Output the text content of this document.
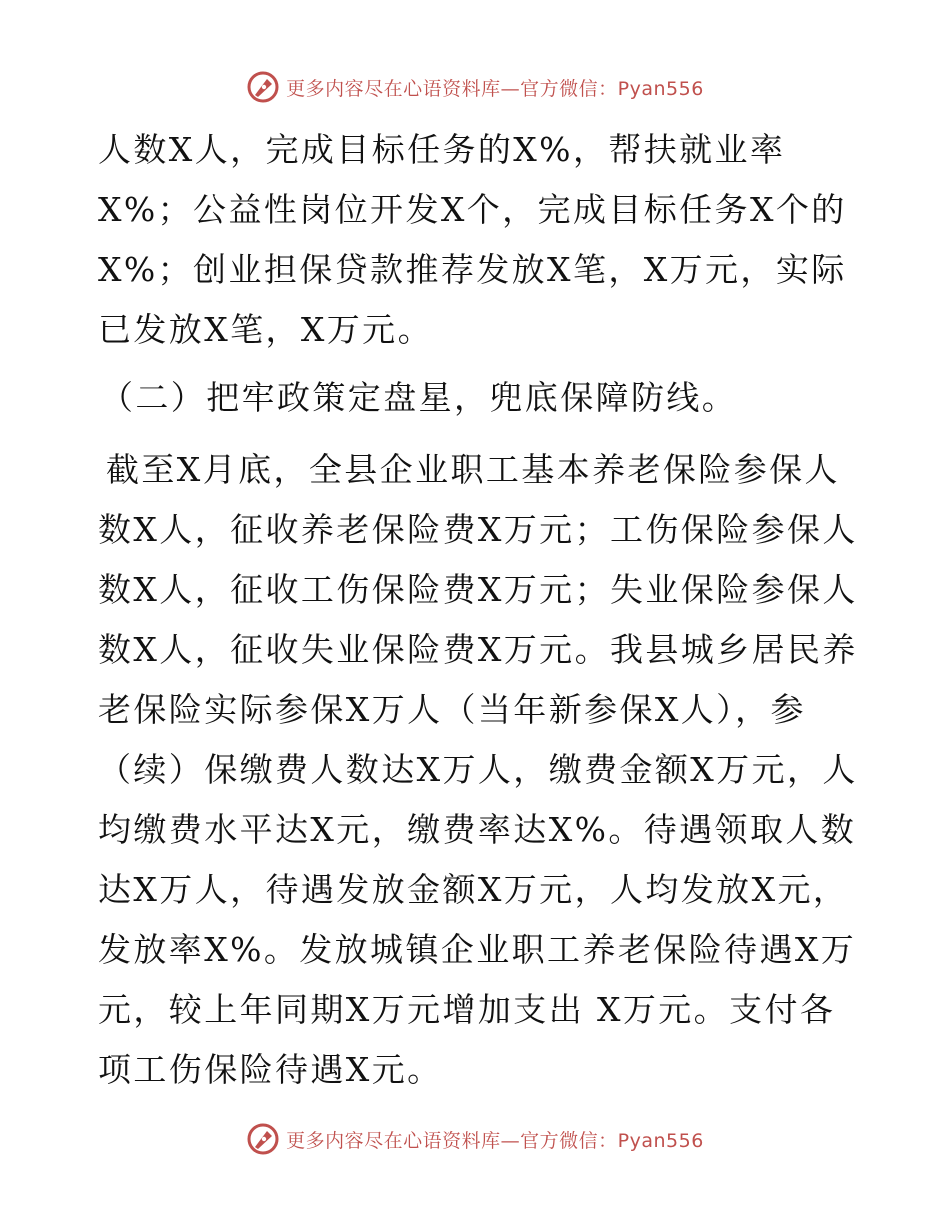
更多内容尽在心语资料库—官方微信：Pyan556

人数X人，完成目标任务的X%，帮扶就业率X%；公益性岗位开发X个，完成目标任务X个的X%；创业担保贷款推荐发放X笔，X万元，实际已发放X笔，X万元。

（二）把牢政策定盘星，兜底保障防线。

截至X月底，全县企业职工基本养老保险参保人数X人，征收养老保险费X万元；工伤保险参保人数X人，征收工伤保险费X万元；失业保险参保人数X人，征收失业保险费X万元。我县城乡居民养老保险实际参保X万人（当年新参保X人），参（续）保缴费人数达X万人，缴费金额X万元，人均缴费水平达X元，缴费率达X%。待遇领取人数达X万人，待遇发放金额X万元，人均发放X元，发放率X%。发放城镇企业职工养老保险待遇X万元，较上年同期X万元增加支出 X万元。支付各项工伤保险待遇X元。

更多内容尽在心语资料库—官方微信：Pyan556
